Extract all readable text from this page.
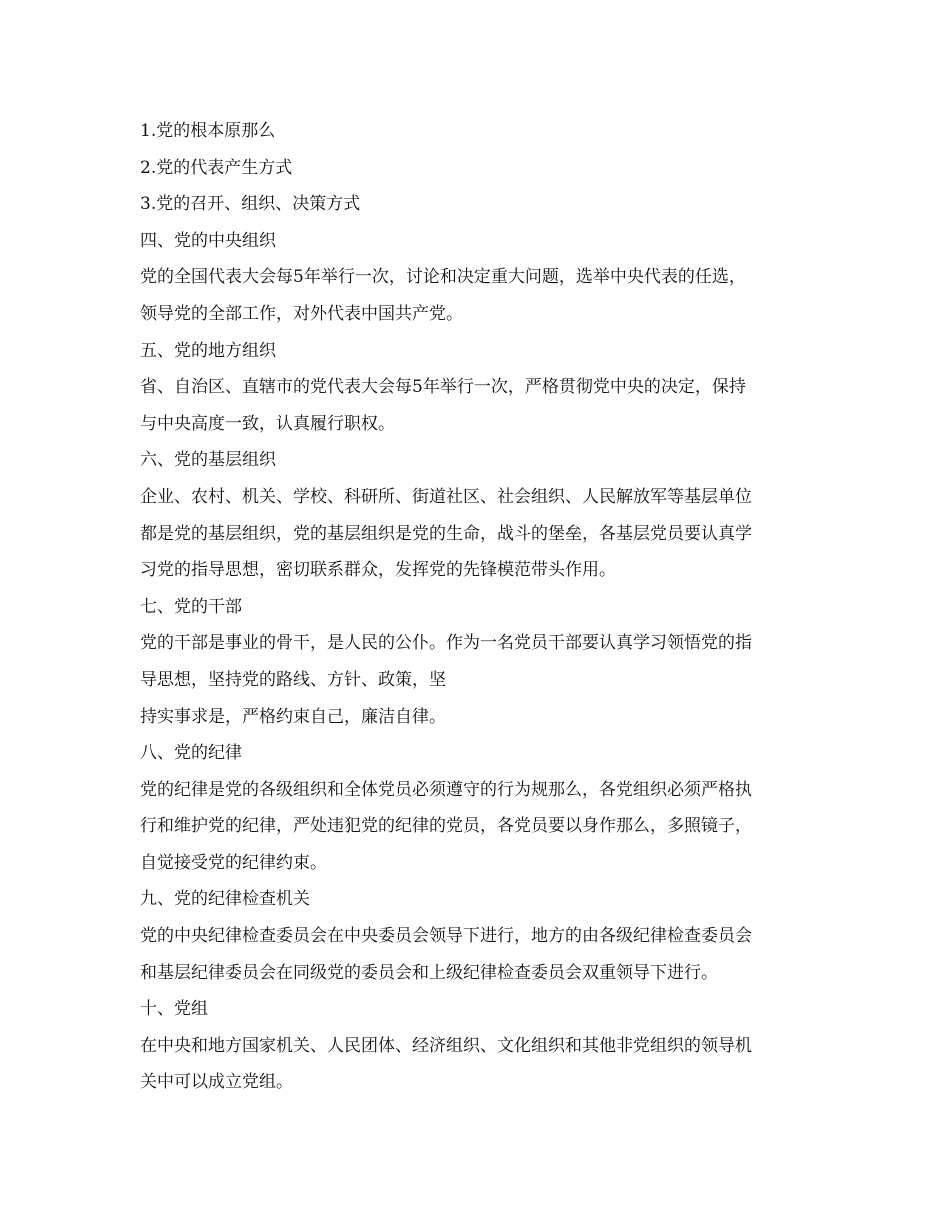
1.党的根本原那么
2.党的代表产生方式
3.党的召开、组织、决策方式
四、党的中央组织
党的全国代表大会每5年举行一次，讨论和决定重大问题，选举中央代表的任选，
领导党的全部工作，对外代表中国共产党。
五、党的地方组织
省、自治区、直辖市的党代表大会每5年举行一次，严格贯彻党中央的决定，保持
与中央高度一致，认真履行职权。
六、党的基层组织
企业、农村、机关、学校、科研所、街道社区、社会组织、人民解放军等基层单位
都是党的基层组织，党的基层组织是党的生命，战斗的堡垒，各基层党员要认真学
习党的指导思想，密切联系群众，发挥党的先锋模范带头作用。
七、党的干部
党的干部是事业的骨干，是人民的公仆。作为一名党员干部要认真学习领悟党的指
导思想，坚持党的路线、方针、政策，坚
持实事求是，严格约束自己，廉洁自律。
八、党的纪律
党的纪律是党的各级组织和全体党员必须遵守的行为规那么，各党组织必须严格执
行和维护党的纪律，严处违犯党的纪律的党员，各党员要以身作那么，多照镜子，
自觉接受党的纪律约束。
九、党的纪律检查机关
党的中央纪律检查委员会在中央委员会领导下进行，地方的由各级纪律检查委员会
和基层纪律委员会在同级党的委员会和上级纪律检查委员会双重领导下进行。
十、党组
在中央和地方国家机关、人民团体、经济组织、文化组织和其他非党组织的领导机
关中可以成立党组。
